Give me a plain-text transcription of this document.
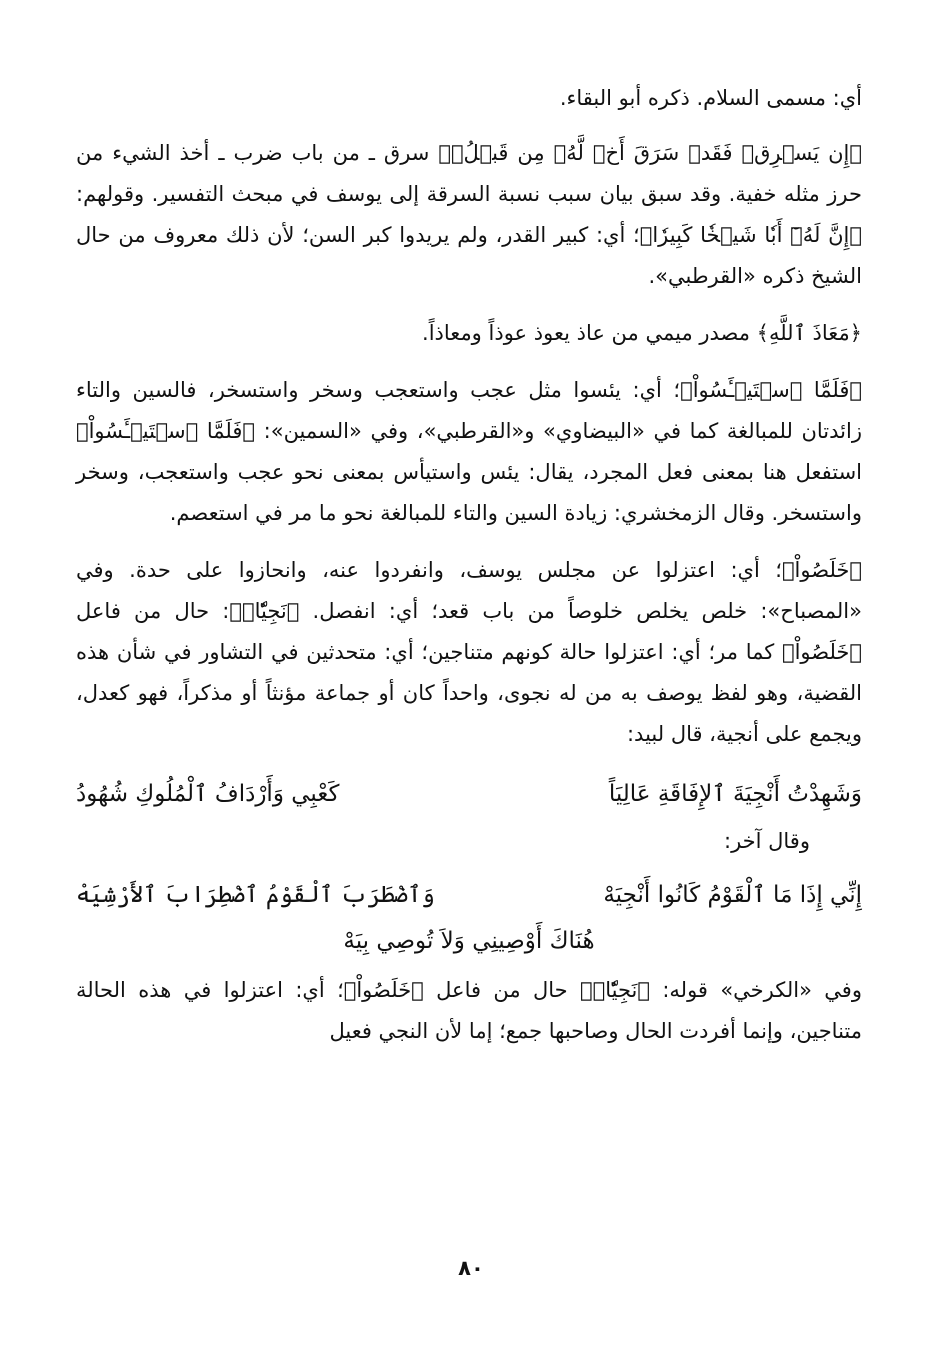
أي: مسمى السلام. ذكره أبو البقاء.

﴿إِن يَسۡرِقۡ فَقَدۡ سَرَقَ أَخٞ لَّهُۥ مِن قَبۡلُۚ﴾ سرق ـ من باب ضرب ـ أخذ الشيء من حرز مثله خفية. وقد سبق بيان سبب نسبة السرقة إلى يوسف في مبحث التفسير. وقولهم: ﴿إِنَّ لَهُۥٓ أَبٗا شَيۡخٗا كَبِيرٗا﴾؛ أي: كبير القدر، ولم يريدوا كبر السن؛ لأن ذلك معروف من حال الشيخ ذكره «القرطبي».

﴿مَعَاذَ ٱللَّهِ﴾ مصدر ميمي من عاذ يعوذ عوذاً ومعاذاً.

﴿فَلَمَّا ٱسۡتَيۡـَٔسُواْ﴾؛ أي: يئسوا مثل عجب واستعجب وسخر واستسخر، فالسين والتاء زائدتان للمبالغة كما في «البيضاوي» و«القرطبي»، وفي «السمين»: ﴿فَلَمَّا ٱسۡتَيۡـَٔسُواْ﴾ استفعل هنا بمعنى فعل المجرد، يقال: يئس واستيأس بمعنى نحو عجب واستعجب، وسخر واستسخر. وقال الزمخشري: زيادة السين والتاء للمبالغة نحو ما مر في استعصم.

﴿خَلَصُواْ﴾؛ أي: اعتزلوا عن مجلس يوسف، وانفردوا عنه، وانحازوا على حدة. وفي «المصباح»: خلص يخلص خلوصاً من باب قعد؛ أي: انفصل. ﴿نَجِيّٗاۖ﴾: حال من فاعل ﴿خَلَصُواْ﴾ كما مر؛ أي: اعتزلوا حالة كونهم متناجين؛ أي: متحدثين في التشاور في شأن هذه القضية، وهو لفظ يوصف به من له نجوى، واحداً كان أو جماعة مؤنثاً أو مذكراً، فهو كعدل، ويجمع على أنجية، قال لبيد:

وَشَهِدْتُ أَنْجِيَةَ ٱلإِفَاقَةِ عَالِيَاً
كَعْبِي وَأَرْدَافُ ٱلْمُلُوكِ شُهُودُ
وقال آخر:
إِنِّي إِذَا مَا ٱلْقَوْمُ كَانُوا أَنْجِيَهْ
وَٱضْطَرَبَ ٱلْقَوْمُ ٱضْطِرَابَ ٱلأَرْشِيَهْ
هُنَاكَ أَوْصِينِي وَلاَ تُوصِي بِيَهْ

وفي «الكرخي» قوله: ﴿نَجِيّٗاۖ﴾ حال من فاعل ﴿خَلَصُواْ﴾؛ أي: اعتزلوا في هذه الحالة متناجين، وإنما أفردت الحال وصاحبها جمع؛ إما لأن النجي فعيل

٨٠
